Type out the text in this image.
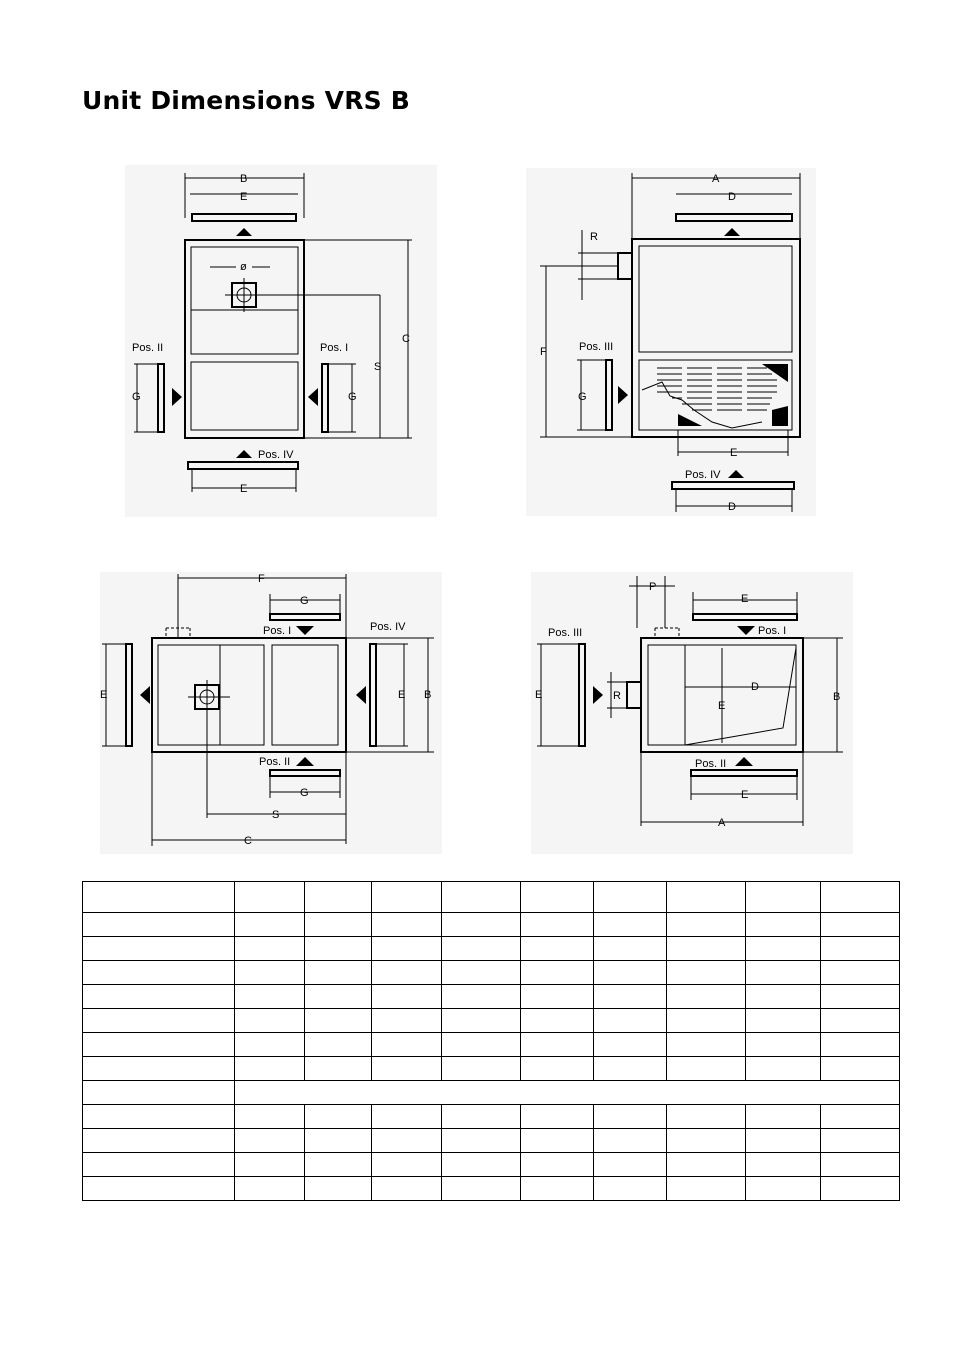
Unit Dimensions VRS B
B
E
ø
C
S
Pos. II
G
Pos. I
G
Pos. IV
E
A
D
R
F	Pos. III
G
E
Pos. IV
D
F
G
Pos. I	Pos. IV
E B
E
Pos. II
G
S
C
P
E
Pos. I
Pos. III
E	R
D
E
B
Pos. II
E
A
